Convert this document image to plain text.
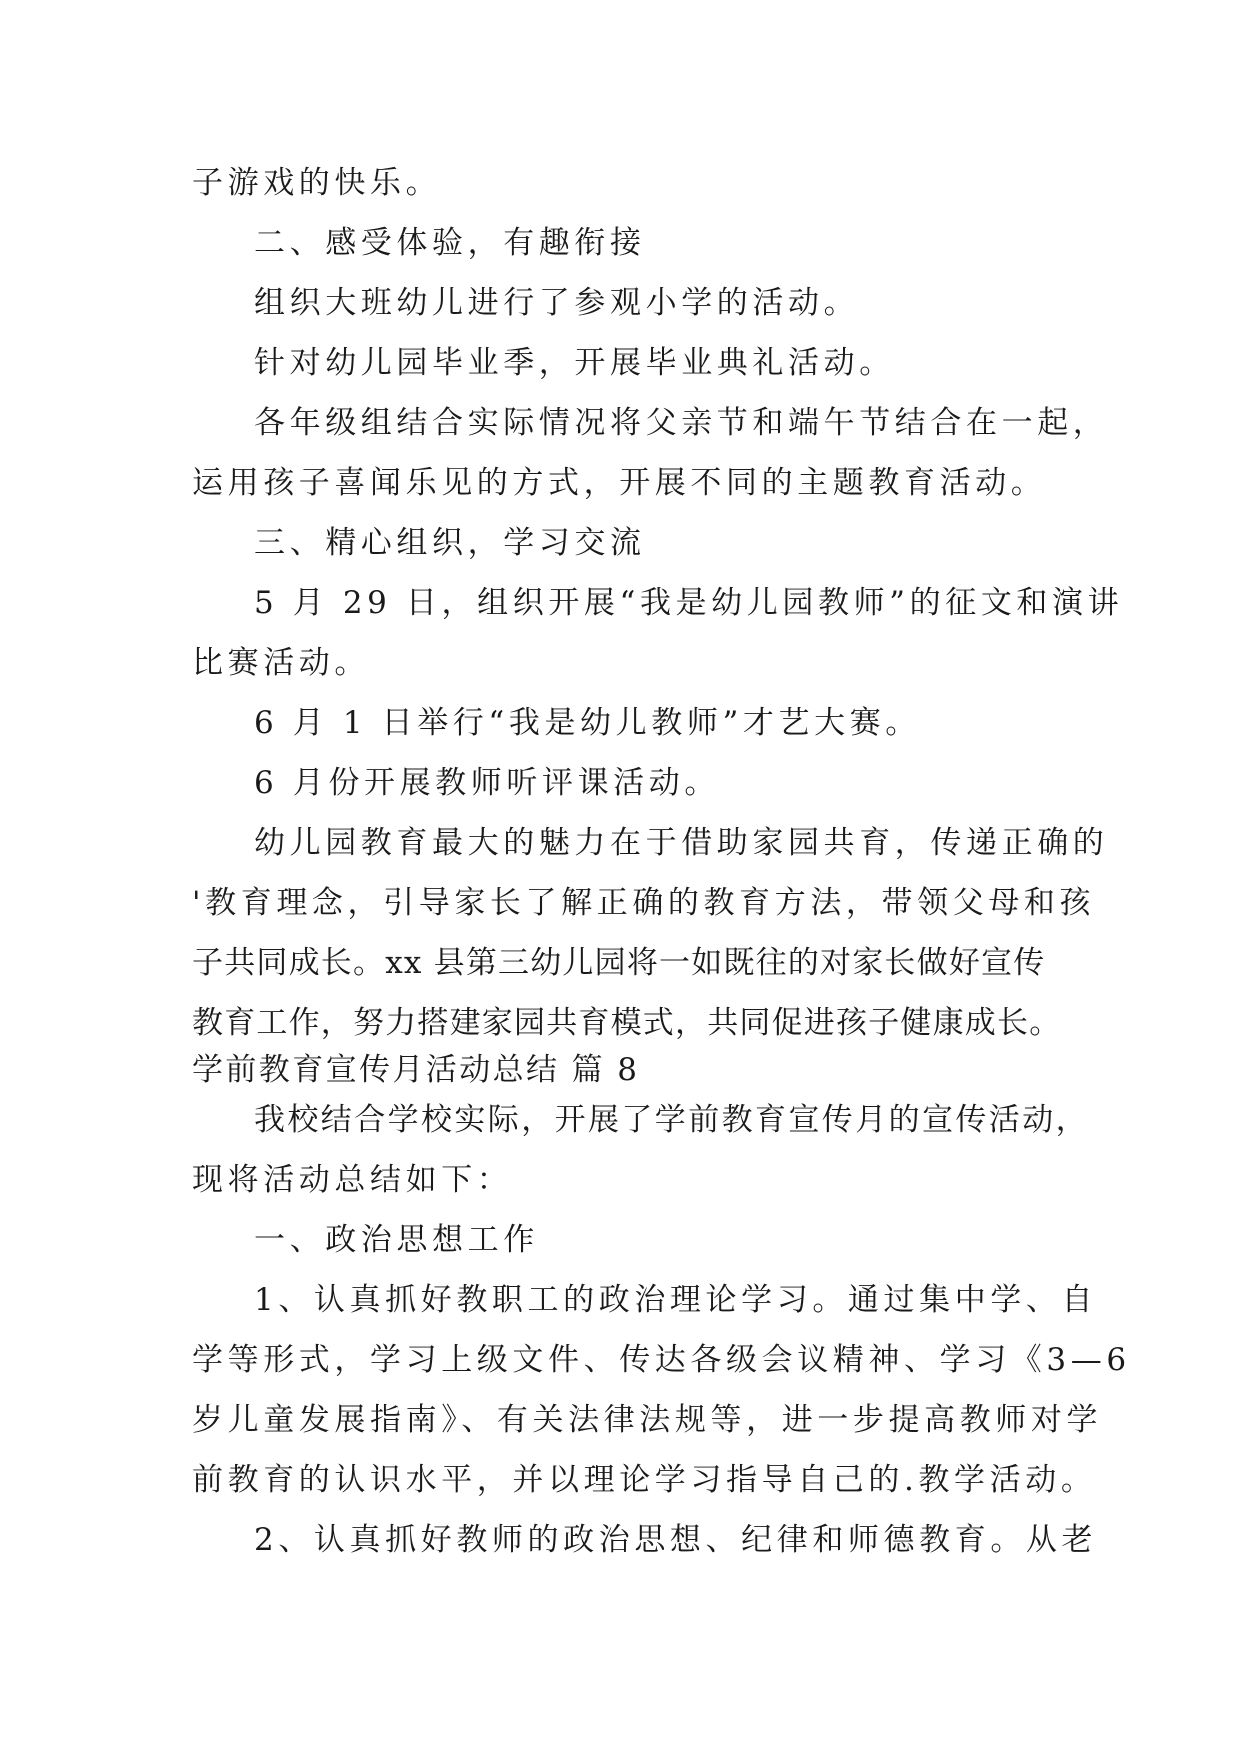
子游戏的快乐。
二、感受体验，有趣衔接
组织大班幼儿进行了参观小学的活动。
针对幼儿园毕业季，开展毕业典礼活动。
各年级组结合实际情况将父亲节和端午节结合在一起，
运用孩子喜闻乐见的方式，开展不同的主题教育活动。
三、精心组织，学习交流
5 月 29 日，组织开展“我是幼儿园教师”的征文和演讲
比赛活动。
6 月 1 日举行“我是幼儿教师”才艺大赛。
6 月份开展教师听评课活动。
幼儿园教育最大的魅力在于借助家园共育，传递正确的
'教育理念，引导家长了解正确的教育方法，带领父母和孩
子共同成长。xx 县第三幼儿园将一如既往的对家长做好宣传
教育工作，努力搭建家园共育模式，共同促进孩子健康成长。
学前教育宣传月活动总结 篇 8
我校结合学校实际，开展了学前教育宣传月的宣传活动，
现将活动总结如下：
一、政治思想工作
1、认真抓好教职工的政治理论学习。通过集中学、自
学等形式，学习上级文件、传达各级会议精神、学习《3—6
岁儿童发展指南》、有关法律法规等，进一步提高教师对学
前教育的认识水平，并以理论学习指导自己的.教学活动。
2、认真抓好教师的政治思想、纪律和师德教育。从老
